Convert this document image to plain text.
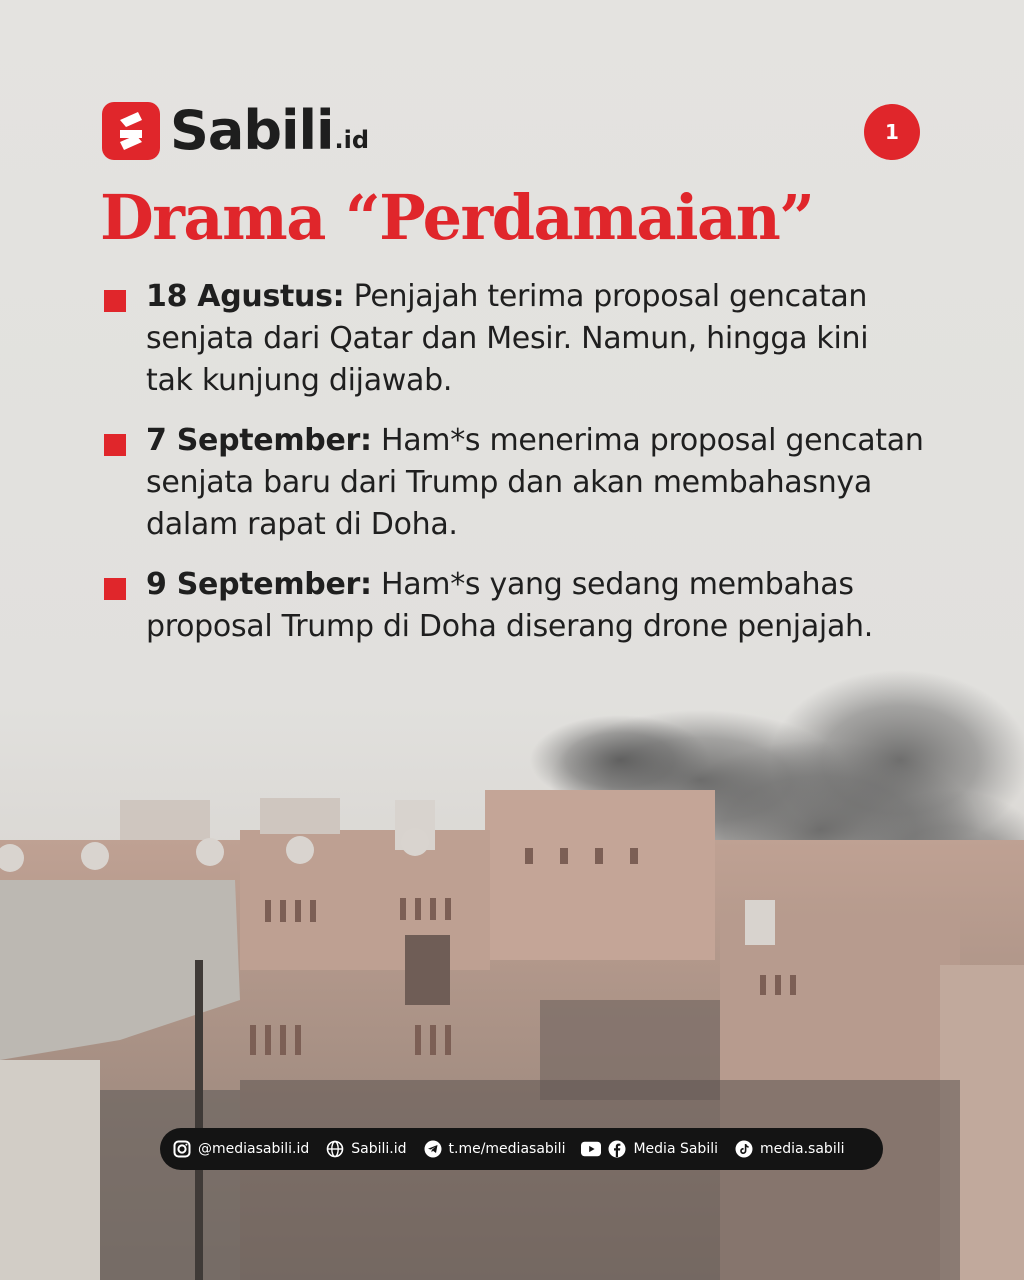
Sabili .id	1
Drama “Perdamaian”
18 Agustus: Penjajah terima proposal gencatan senjata dari Qatar dan Mesir. Namun, hingga kini tak kunjung dijawab.
7 September: Ham*s menerima proposal gencatan senjata baru dari Trump dan akan membahasnya dalam rapat di Doha.
9 September: Ham*s yang sedang membahas proposal Trump di Doha diserang drone penjajah.
@mediasabili.id	Sabili.id	t.me/mediasabili	Media Sabili	media.sabili
